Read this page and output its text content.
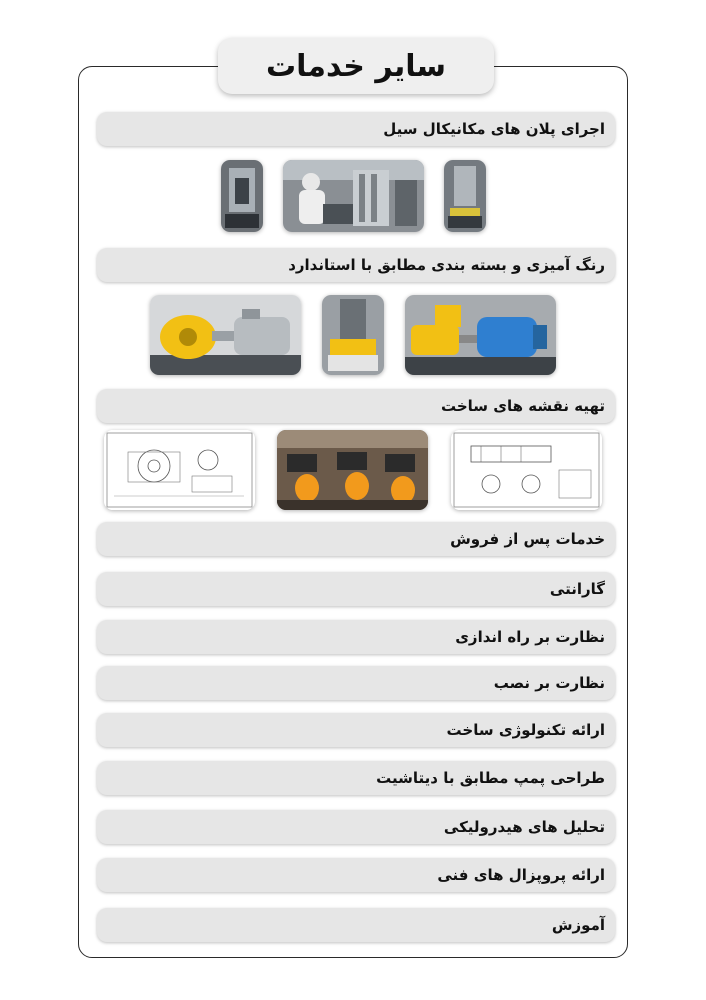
سایر خدمات
اجرای پلان های مکانیکال سیل
رنگ آمیزی و بسته بندی مطابق با استاندارد
تهیه نقشه های ساخت
خدمات پس از فروش
گارانتی
نظارت بر راه اندازی
نظارت بر نصب
ارائه تکنولوژی ساخت
طراحی پمپ مطابق با دیتاشیت
تحلیل های هیدرولیکی
ارائه پروپزال های فنی
آموزش
